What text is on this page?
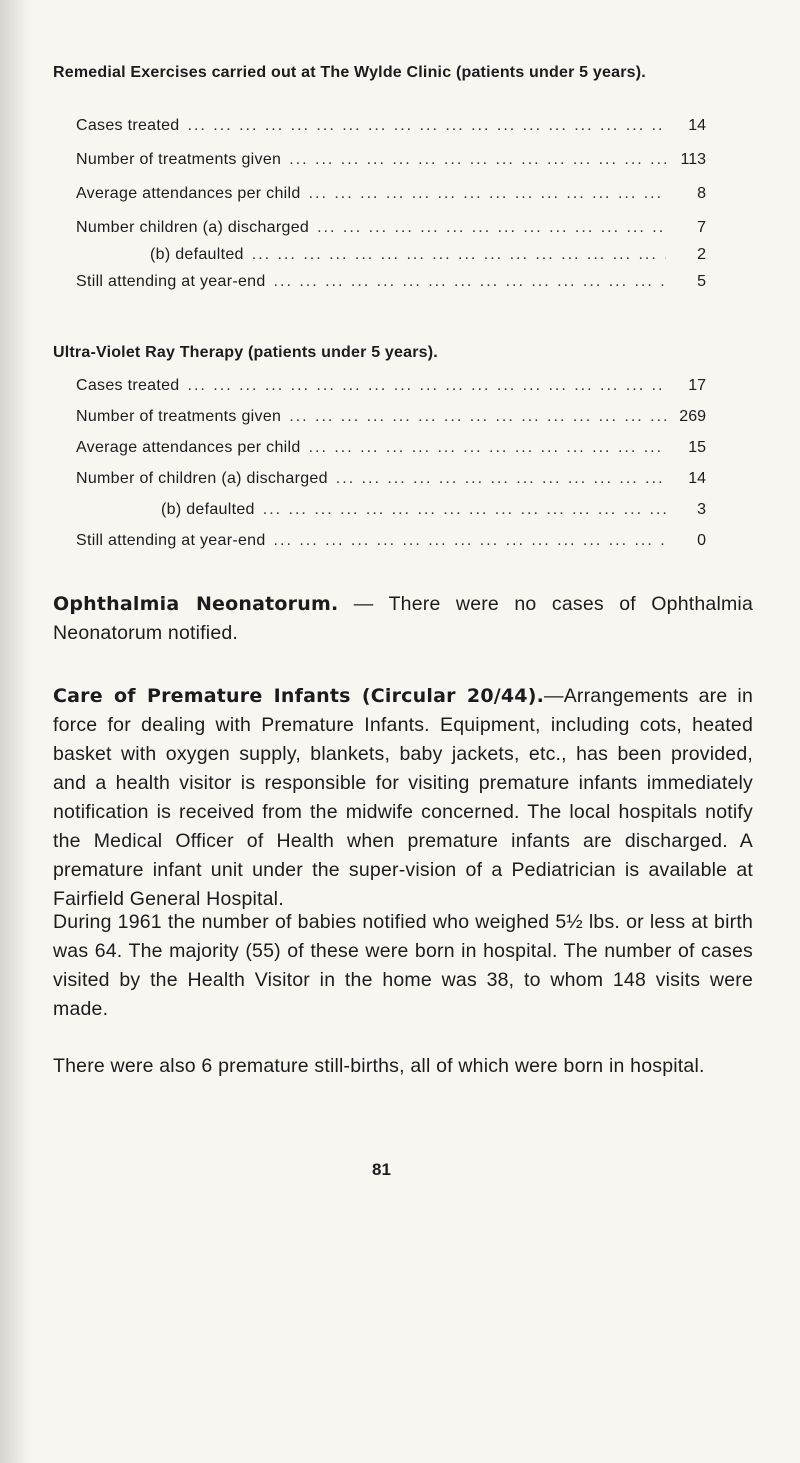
Remedial Exercises carried out at The Wylde Clinic (patients under 5 years).
Cases treated ... .	14
Number of treatments given ... .	113
Average attendances per child ... .	8
Number children (a) discharged ... .	7
(b) defaulted ... .	2
Still attending at year-end ... .	5
Ultra-Violet Ray Therapy (patients under 5 years).
Cases treated ... .	17
Number of treatments given ... .	269
Average attendances per child ... .	15
Number of children (a) discharged ... .	14
(b) defaulted ... .	3
Still attending at year-end ... .	0
Ophthalmia Neonatorum. — There were no cases of Ophthalmia Neonatorum notified.
Care of Premature Infants (Circular 20/44).—Arrangements are in force for dealing with Premature Infants. Equipment, including cots, heated basket with oxygen supply, blankets, baby jackets, etc., has been provided, and a health visitor is responsible for visiting premature infants immediately notification is received from the midwife concerned. The local hospitals notify the Medical Officer of Health when premature infants are discharged. A premature infant unit under the super-vision of a Pediatrician is available at Fairfield General Hospital.
During 1961 the number of babies notified who weighed 5½ lbs. or less at birth was 64. The majority (55) of these were born in hospital. The number of cases visited by the Health Visitor in the home was 38, to whom 148 visits were made.
There were also 6 premature still-births, all of which were born in hospital.
81
